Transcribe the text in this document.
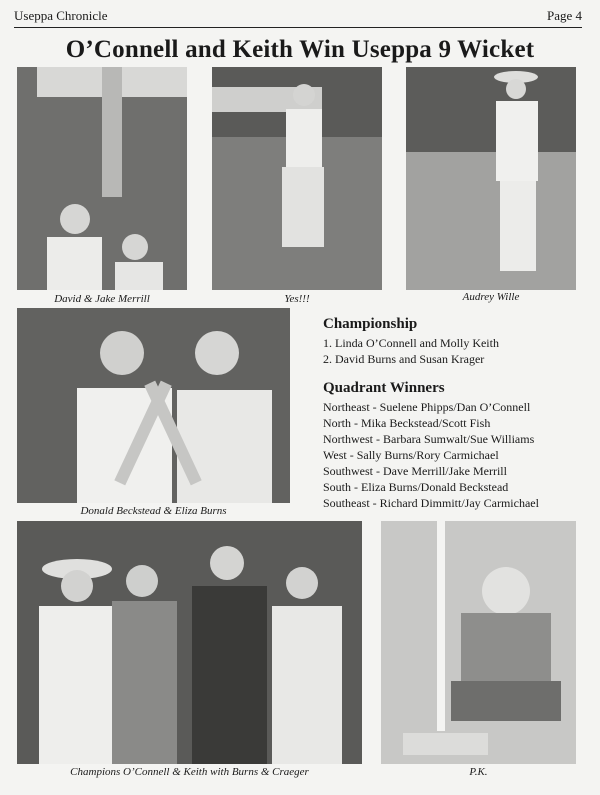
Useppa Chronicle	Page 4
O’Connell and Keith Win Useppa 9 Wicket
David & Jake Merrill	Yes!!!	Audrey Wille
Donald Beckstead & Eliza Burns
Championship
1. Linda O’Connell and Molly Keith
2. David Burns and Susan Krager
Quadrant Winners
Northeast - Suelene Phipps/Dan O’Connell
North - Mika Beckstead/Scott Fish
Northwest - Barbara Sumwalt/Sue Williams
West - Sally Burns/Rory Carmichael
Southwest - Dave Merrill/Jake Merrill
South - Eliza Burns/Donald Beckstead
Southeast - Richard Dimmitt/Jay Carmichael
Champions O’Connell & Keith with Burns & Craeger	P.K.
